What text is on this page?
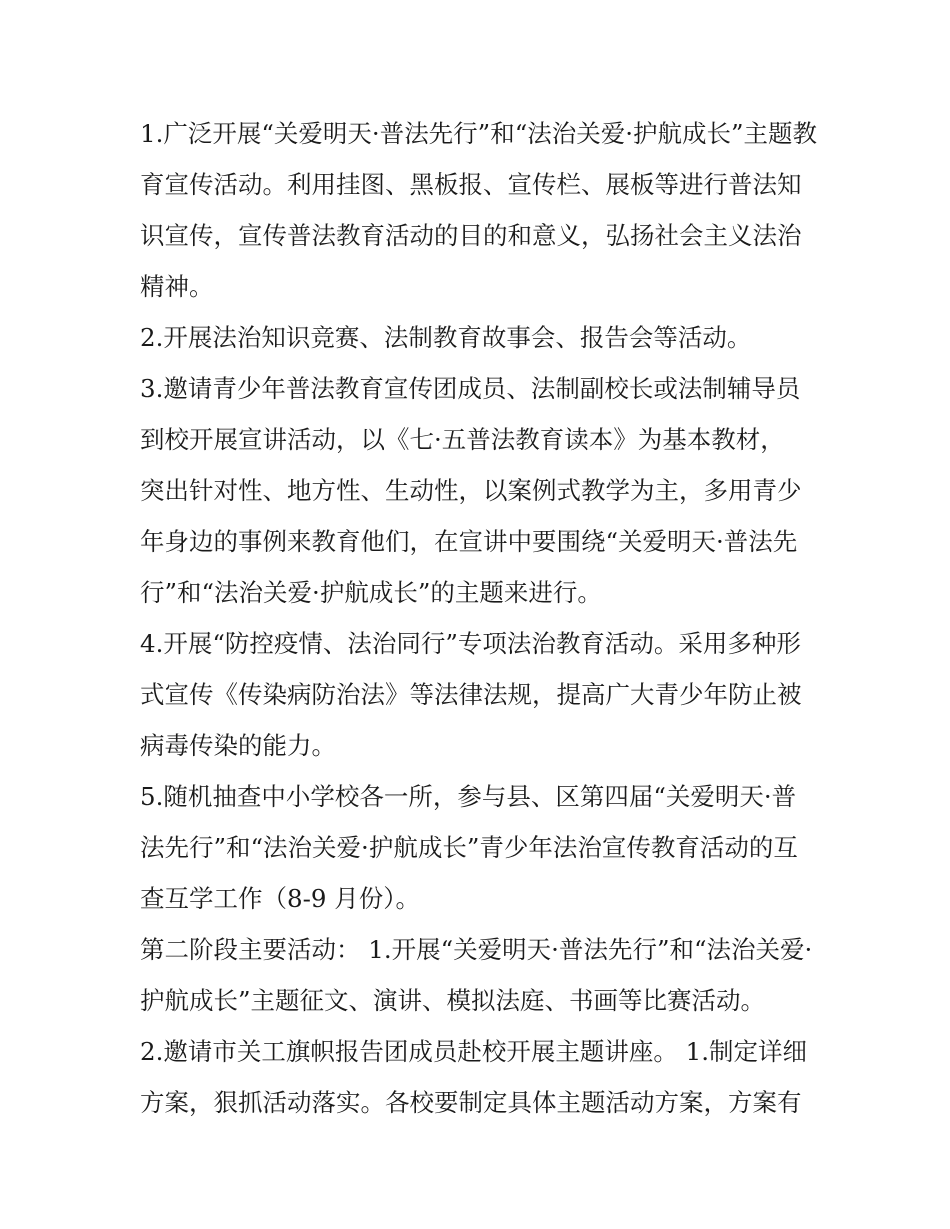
1.广泛开展“关爱明天·普法先行”和“法治关爱·护航成长”主题教
育宣传活动。利用挂图、黑板报、宣传栏、展板等进行普法知
识宣传，宣传普法教育活动的目的和意义，弘扬社会主义法治
精神。
2.开展法治知识竞赛、法制教育故事会、报告会等活动。
3.邀请青少年普法教育宣传团成员、法制副校长或法制辅导员
到校开展宣讲活动，以《七·五普法教育读本》为基本教材，
突出针对性、地方性、生动性，以案例式教学为主，多用青少
年身边的事例来教育他们，在宣讲中要围绕“关爱明天·普法先
行”和“法治关爱·护航成长”的主题来进行。
4.开展“防控疫情、法治同行”专项法治教育活动。采用多种形
式宣传《传染病防治法》等法律法规，提高广大青少年防止被
病毒传染的能力。
5.随机抽查中小学校各一所，参与县、区第四届“关爱明天·普
法先行”和“法治关爱·护航成长”青少年法治宣传教育活动的互
查互学工作（8-9 月份）。
第二阶段主要活动： 1.开展“关爱明天·普法先行”和“法治关爱·
护航成长”主题征文、演讲、模拟法庭、书画等比赛活动。
2.邀请市关工旗帜报告团成员赴校开展主题讲座。 1.制定详细
方案，狠抓活动落实。各校要制定具体主题活动方案，方案有
